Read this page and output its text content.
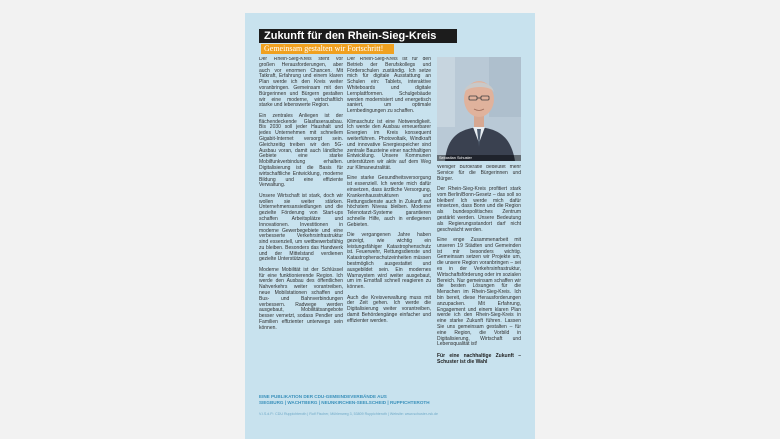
Zukunft für den Rhein-Sieg-Kreis
Gemeinsam gestalten wir Fortschritt!

Der Rhein-Sieg-Kreis steht vor großen Herausforderungen, aber auch vor enormen Chancen. Mit Tatkraft, Erfahrung und einem klaren Plan werde ich den Kreis weiter voranbringen. Gemeinsam mit den Bürgerinnen und Bürgern gestalten wir eine moderne, wirtschaftlich starke und lebenswerte Region.

Ein zentrales Anliegen ist der flächendeckende Glasfaserausbau. Bis 2030 soll jeder Haushalt und jedes Unternehmen mit schnellem Gigabit-Internet versorgt sein. Gleichzeitig treiben wir den 5G-Ausbau voran, damit auch ländliche Gebiete eine starke Mobilfunkverbindung erhalten. Digitalisierung ist die Basis für wirtschaftliche Entwicklung, moderne Bildung und eine effiziente Verwaltung.

Unsere Wirtschaft ist stark, doch wir wollen sie weiter stärken. Unternehmensansiedlungen und die gezielte Förderung von Start-ups schaffen Arbeitsplätze und Innovationen. Investitionen in moderne Gewerbegebiete und eine verbesserte Verkehrsinfrastruktur sind essenziell, um wettbewerbsfähig zu bleiben. Besonders das Handwerk und der Mittelstand verdienen gezielte Unterstützung.

Moderne Mobilität ist der Schlüssel für eine funktionierende Region. Ich werde den Ausbau des öffentlichen Nahverkehrs weiter vorantreiben, neue Mobilstationen schaffen und Bus- und Bahnverbindungen verbessern. Radwege werden ausgebaut, Mobilitätsangebote besser vernetzt, sodass Pendler und Familien effizienter unterwegs sein können.

Der Rhein-Sieg-Kreis ist für den Betrieb der Berufskollegs und Förderschulen zuständig. Ich setze mich für digitale Ausstattung an Schulen ein: Tablets, interaktive Whiteboards und digitale Lernplattformen. Schulgebäude werden modernisiert und energetisch saniert, um optimale Lernbedingungen zu schaffen.

Klimaschutz ist eine Notwendigkeit. Ich werde den Ausbau erneuerbarer Energien im Kreis konsequent weiterführen. Photovoltaik, Windkraft und innovative Energiespeicher sind zentrale Bausteine einer nachhaltigen Entwicklung. Unsere Kommunen unterstützen wir aktiv auf dem Weg zur Klimaneutralität.

Eine starke Gesundheitsversorgung ist essenziell. Ich werde mich dafür einsetzen, dass ärztliche Versorgung, Krankenhausstrukturen und Rettungsdienste auch in Zukunft auf höchstem Niveau bleiben. Moderne Telenotarzt-Systeme garantieren schnelle Hilfe, auch in entlegenen Gebieten.

Die vergangenen Jahre haben gezeigt, wie wichtig ein leistungsfähiger Katastrophenschutz ist. Feuerwehr, Rettungsdienste und Katastrophenschutzeinheiten müssen bestmöglich ausgestattet und ausgebildet sein. Ein modernes Warnsystem wird weiter ausgebaut, um im Ernstfall schnell reagieren zu können.

Auch die Kreisverwaltung muss mit der Zeit gehen. Ich werde die Digitalisierung weiter vorantreiben, damit Behördengänge einfacher und effizienter werden.

Sebastian Schuster

Weniger Bürokratie bedeutet mehr Service für die Bürgerinnen und Bürger.

Der Rhein-Sieg-Kreis profitiert stark vom Berlin/Bonn-Gesetz – das soll so bleiben! Ich werde mich dafür einsetzen, dass Bonn und die Region als bundespolitisches Zentrum gestärkt werden. Unsere Bedeutung als Regierungsstandort darf nicht geschwächt werden.

Eine enge Zusammenarbeit mit unseren 19 Städten und Gemeinden ist mir besonders wichtig. Gemeinsam setzen wir Projekte um, die unsere Region voranbringen – sei es in der Verkehrsinfrastruktur, Wirtschaftsförderung oder im sozialen Bereich. Nur gemeinsam schaffen wir die besten Lösungen für die Menschen im Rhein-Sieg-Kreis. Ich bin bereit, diese Herausforderungen anzupacken. Mit Erfahrung, Engagement und einem klaren Plan werde ich den Rhein-Sieg-Kreis in eine starke Zukunft führen. Lassen Sie uns gemeinsam gestalten – für eine Region, die Vorbild in Digitalisierung, Wirtschaft und Lebensqualität ist!

Für eine nachhaltige Zukunft – Schuster ist die Wahl

EINE PUBLIKATION DER CDU-GEMEINDEVERBÄNDE AUS
SIEGBURG | WACHTBERG | NEUNKIRCHEN-SEELSCHEID | RUPPICHTEROTH
V.i.S.d.P.: CDU Ruppichteroth | Rolf Fischer, Mühlenweg 3, 53809 Ruppichteroth | Website: www.schuster-rsk.de
